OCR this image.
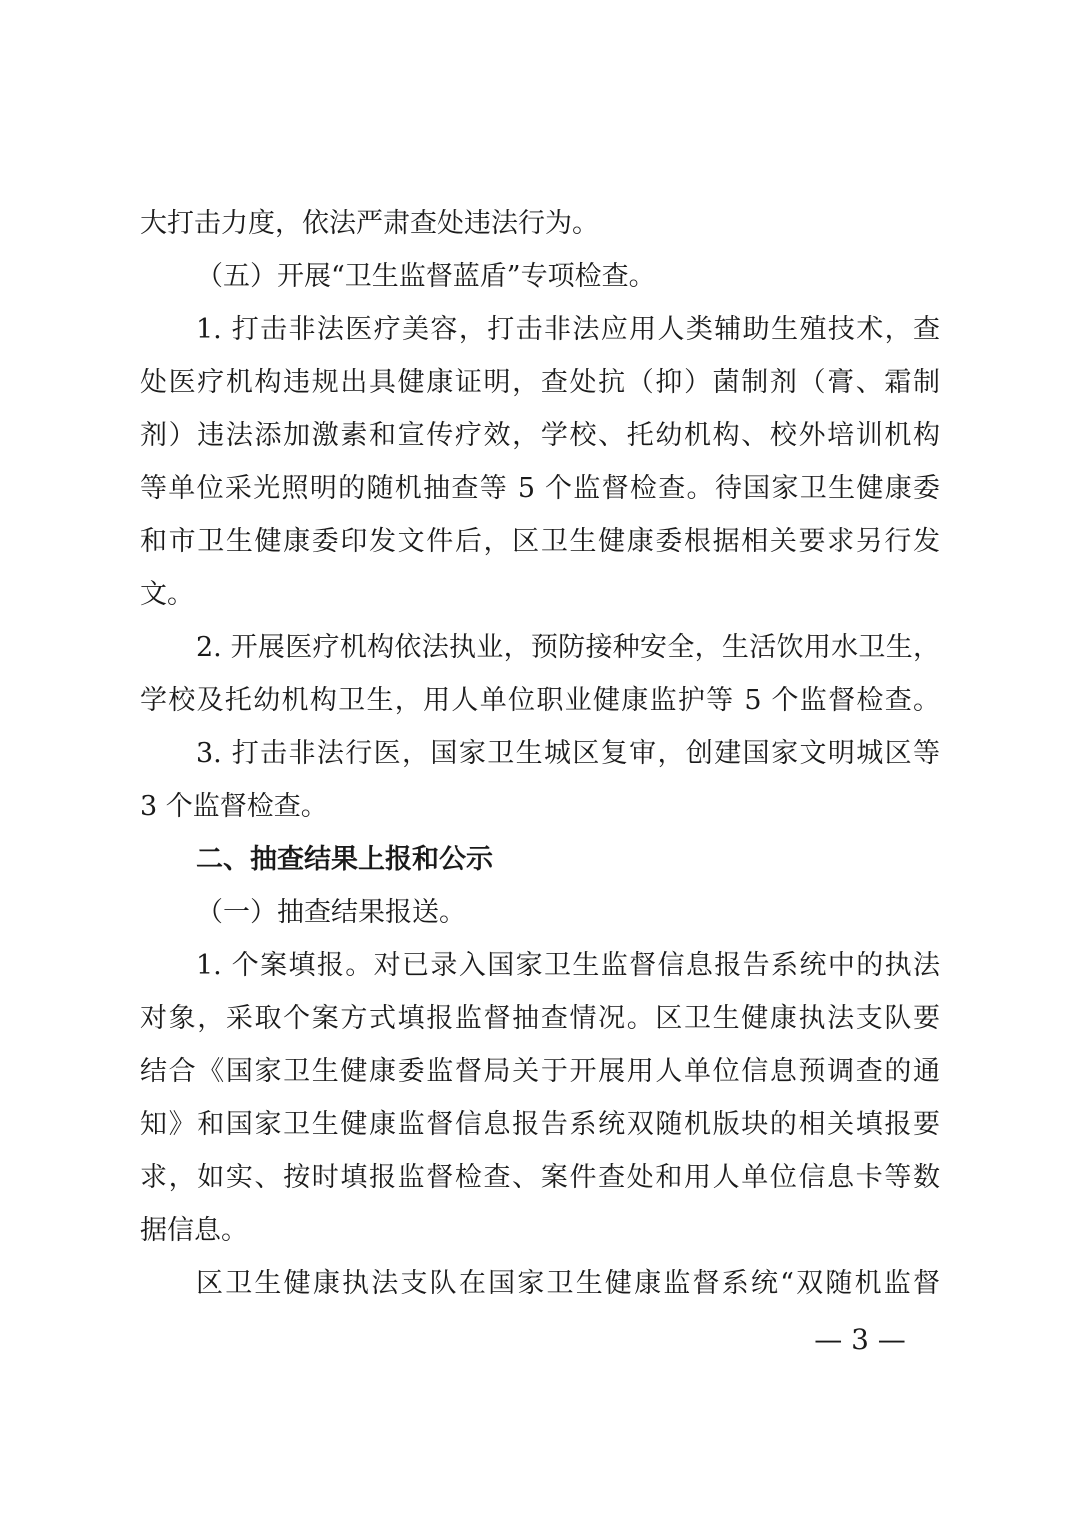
大打击力度，依法严肃查处违法行为。
（五）开展“卫生监督蓝盾”专项检查。
1. 打击非法医疗美容，打击非法应用人类辅助生殖技术，查
处医疗机构违规出具健康证明，查处抗（抑）菌制剂（膏、霜制
剂）违法添加激素和宣传疗效，学校、托幼机构、校外培训机构
等单位采光照明的随机抽查等 5 个监督检查。待国家卫生健康委
和市卫生健康委印发文件后，区卫生健康委根据相关要求另行发
文。
2. 开展医疗机构依法执业，预防接种安全，生活饮用水卫生，
学校及托幼机构卫生，用人单位职业健康监护等 5 个监督检查。
3. 打击非法行医，国家卫生城区复审，创建国家文明城区等
3 个监督检查。
二、抽查结果上报和公示
（一）抽查结果报送。
1. 个案填报。对已录入国家卫生监督信息报告系统中的执法
对象，采取个案方式填报监督抽查情况。区卫生健康执法支队要
结合《国家卫生健康委监督局关于开展用人单位信息预调查的通
知》和国家卫生健康监督信息报告系统双随机版块的相关填报要
求，如实、按时填报监督检查、案件查处和用人单位信息卡等数
据信息。
区卫生健康执法支队在国家卫生健康监督系统“双随机监督
— 3 —
